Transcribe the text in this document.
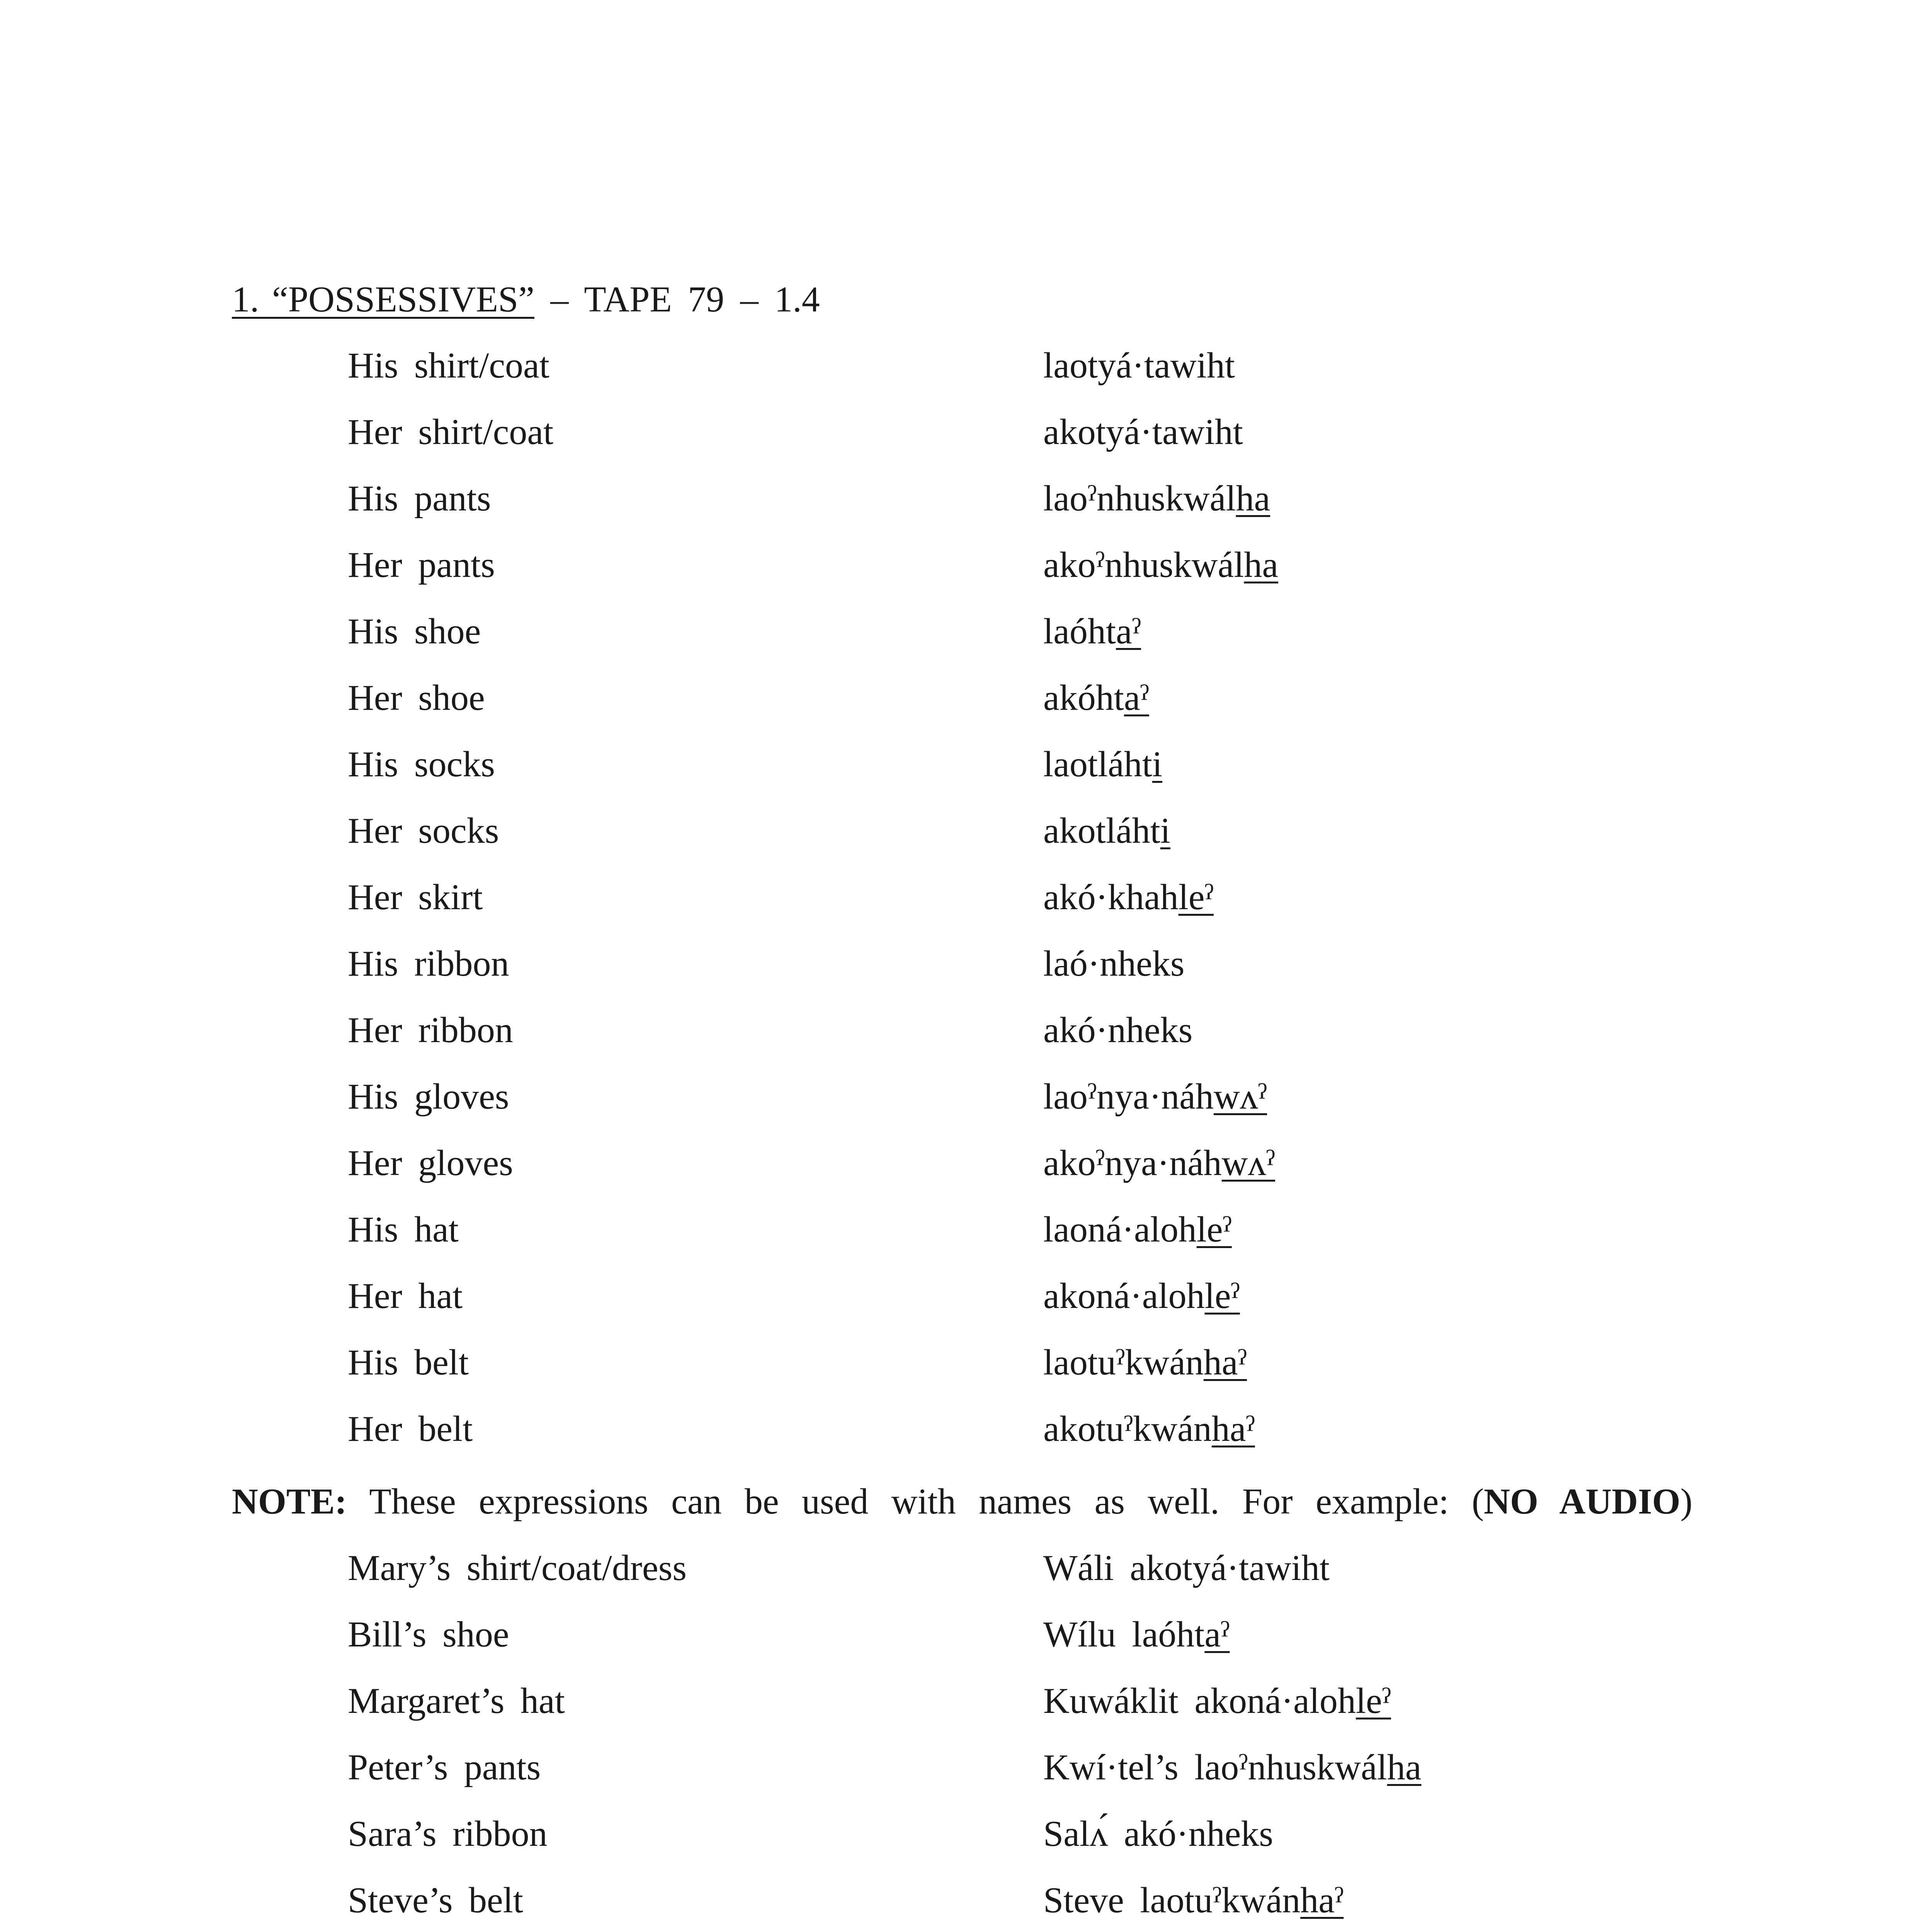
1. “POSSESSIVES” – TAPE 79 – 1.4
His shirt/coat	laotyá·tawiht
Her shirt/coat	akotyá·tawiht
His pants	laoˀnhuskwálha
Her pants	akoˀnhuskwálha
His shoe	laóhtaˀ
Her shoe	akóhtaˀ
His socks	laotláhti
Her socks	akotláhti
Her skirt	akó·khahleˀ
His ribbon	laó·nheks
Her ribbon	akó·nheks
His gloves	laoˀnya·náhwʌˀ
Her gloves	akoˀnya·náhwʌˀ
His hat	laoná·alohleˀ
Her hat	akoná·alohleˀ
His belt	laotuˀkwánhaˀ
Her belt	akotuˀkwánhaˀ
NOTE: These expressions can be used with names as well. For example: (NO AUDIO)
Mary’s shirt/coat/dress	Wáli akotyá·tawiht
Bill’s shoe	Wílu laóhtaˀ
Margaret’s hat	Kuwáklit akoná·alohleˀ
Peter’s pants	Kwí·tel’s laoˀnhuskwálha
Sara’s ribbon	Salʌ́ akó·nheks
Steve’s belt	Steve laotuˀkwánhaˀ
